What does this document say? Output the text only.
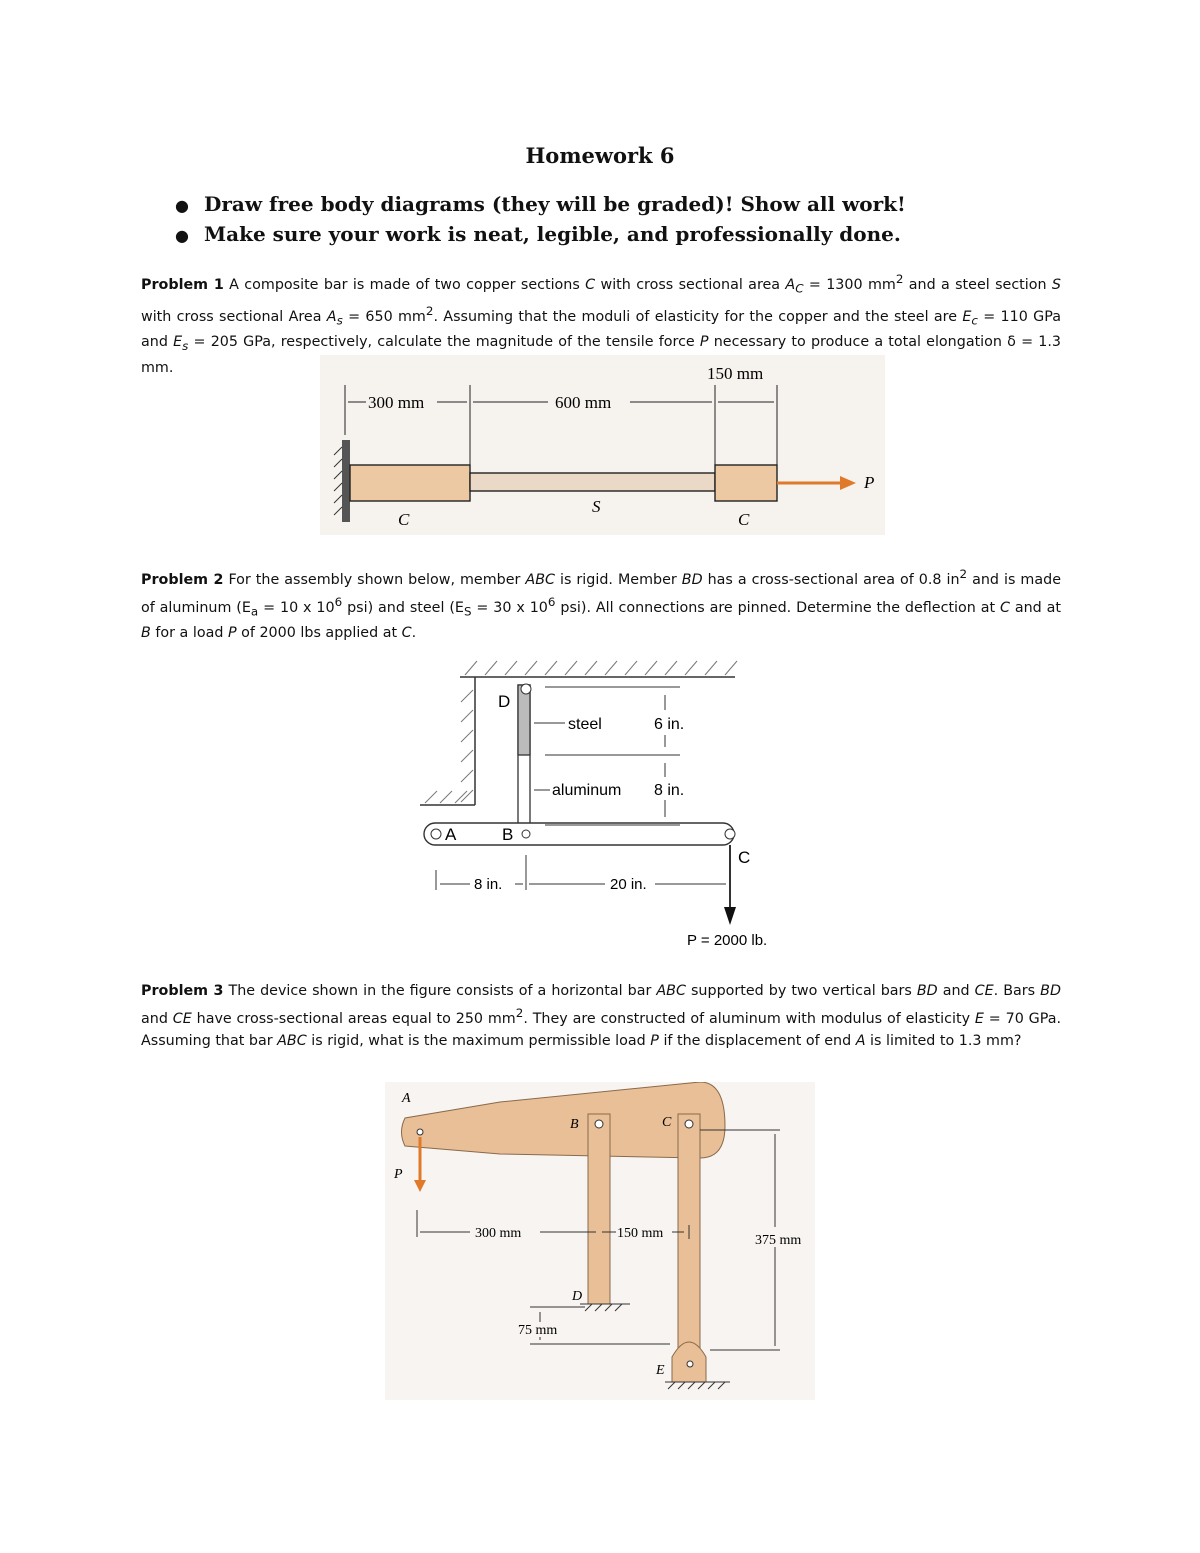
Homework 6
● Draw free body diagrams (they will be graded)! Show all work!
● Make sure your work is neat, legible, and professionally done.
Problem 1 A composite bar is made of two copper sections C with cross sectional area $A_C = 1300$ $mm^2$ and a steel section S with cross sectional Area $A_s = 650$ $mm^2$. Assuming that the moduli of elasticity for the copper and the steel are $E_c = 110$ GPa and $E_s = 205$ GPa, respectively, calculate the magnitude of the tensile force P necessary to produce a total elongation δ = 1.3 mm.
300 mm	600 mm
150 mm
C
S
C
P
Problem 2 For the assembly shown below, member ABC is rigid. Member BD has a cross-sectional area of 0.8 $in^2$ and is made of aluminum ($E_a = 10$ x $10^6$ psi) and steel ($E_S = 30$ x $10^6$ psi). All connections are pinned. Determine the deflection at C and at B for a load P of 2000 lbs applied at C.
D
steel	6 in.
aluminum 8 in.
A	B
C
8 in.	20 in.
P = 2000 lb.
Problem 3 The device shown in the figure consists of a horizontal bar ABC supported by two vertical bars BD and CE. Bars BD and CE have cross-sectional areas equal to 250 $mm^2$. They are constructed of aluminum with modulus of elasticity E = 70 GPa. Assuming that bar ABC is rigid, what is the maximum permissible load P if the displacement of end A is limited to 1.3 mm?
A
P
B	C
D
E
300 mm	150 mm	375 mm
75 mm
